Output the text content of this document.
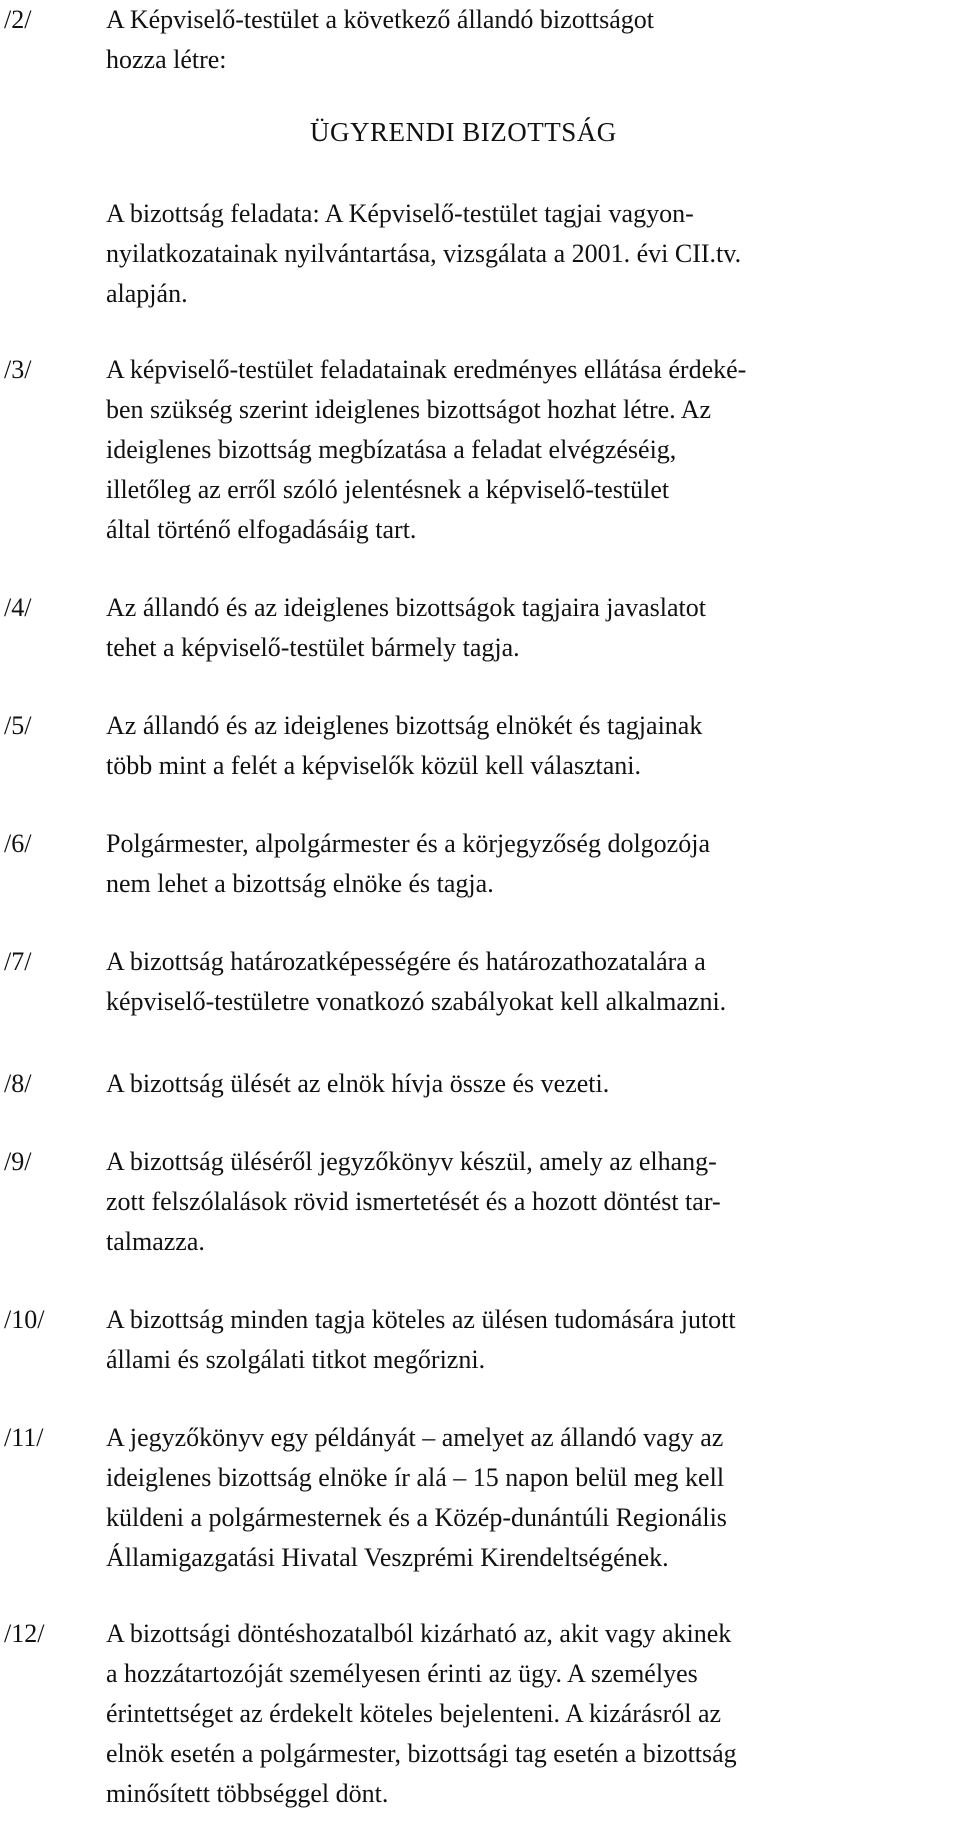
/2/	A Képviselő-testület a következő állandó bizottságot
hozza létre:
ÜGYRENDI BIZOTTSÁG
A bizottság feladata: A Képviselő-testület tagjai vagyon-
nyilatkozatainak nyilvántartása, vizsgálata a 2001. évi CII.tv.
alapján.
/3/	A képviselő-testület feladatainak eredményes ellátása érdeké-
ben szükség szerint ideiglenes bizottságot hozhat létre. Az
ideiglenes bizottság megbízatása a feladat elvégzéséig,
illetőleg az erről szóló jelentésnek a képviselő-testület
által történő elfogadásáig tart.
/4/	Az állandó és az ideiglenes bizottságok tagjaira javaslatot
tehet a képviselő-testület bármely tagja.
/5/	Az állandó és az ideiglenes bizottság elnökét és tagjainak
több mint a felét a képviselők közül kell választani.
/6/	Polgármester, alpolgármester és a körjegyzőség dolgozója
nem lehet a bizottság elnöke és tagja.
/7/	A bizottság határozatképességére és határozathozatalára a
képviselő-testületre vonatkozó szabályokat kell alkalmazni.
/8/	A bizottság ülését az elnök hívja össze és vezeti.
/9/	A bizottság üléséről jegyzőkönyv készül, amely az elhang-
zott felszólalások rövid ismertetését és a hozott döntést tar-
talmazza.
/10/ A bizottság minden tagja köteles az ülésen tudomására jutott
állami és szolgálati titkot megőrizni.
/11/ A jegyzőkönyv egy példányát – amelyet az állandó vagy az
ideiglenes bizottság elnöke ír alá – 15 napon belül meg kell
küldeni a polgármesternek és a Közép-dunántúli Regionális
Államigazgatási Hivatal Veszprémi Kirendeltségének.
/12/ A bizottsági döntéshozatalból kizárható az, akit vagy akinek
a hozzátartozóját személyesen érinti az ügy. A személyes
érintettséget az érdekelt köteles bejelenteni. A kizárásról az
elnök esetén a polgármester, bizottsági tag esetén a bizottság
minősített többséggel dönt.
